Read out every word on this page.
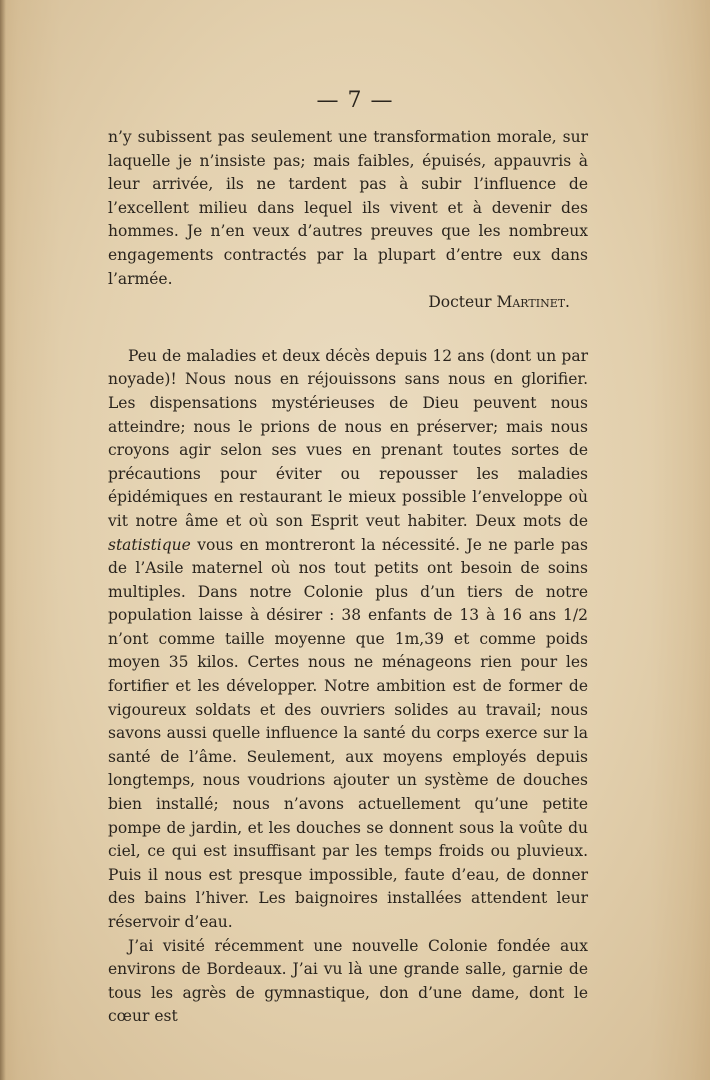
— 7 —

n’y subissent pas seulement une transformation morale, sur laquelle je n’insiste pas; mais faibles, épuisés, appauvris à leur arrivée, ils ne tardent pas à subir l’influence de l’excellent milieu dans lequel ils vivent et à devenir des hommes. Je n’en veux d’autres preuves que les nombreux engagements contractés par la plupart d’entre eux dans l’armée.

Docteur Martinet.

Peu de maladies et deux décès depuis 12 ans (dont un par noyade)! Nous nous en réjouissons sans nous en glorifier. Les dispensations mystérieuses de Dieu peuvent nous atteindre; nous le prions de nous en préserver; mais nous croyons agir selon ses vues en prenant toutes sortes de précautions pour éviter ou repousser les maladies épidémiques en restaurant le mieux possible l’enveloppe où vit notre âme et où son Esprit veut habiter. Deux mots de statistique vous en montreront la nécessité. Je ne parle pas de l’Asile maternel où nos tout petits ont besoin de soins multiples. Dans notre Colonie plus d’un tiers de notre population laisse à désirer : 38 enfants de 13 à 16 ans 1/2 n’ont comme taille moyenne que 1m,39 et comme poids moyen 35 kilos. Certes nous ne ménageons rien pour les fortifier et les développer. Notre ambition est de former de vigoureux soldats et des ouvriers solides au travail; nous savons aussi quelle influence la santé du corps exerce sur la santé de l’âme. Seulement, aux moyens employés depuis longtemps, nous voudrions ajouter un système de douches bien installé; nous n’avons actuellement qu’une petite pompe de jardin, et les douches se donnent sous la voûte du ciel, ce qui est insuffisant par les temps froids ou pluvieux. Puis il nous est presque impossible, faute d’eau, de donner des bains l’hiver. Les baignoires installées attendent leur réservoir d’eau.

J’ai visité récemment une nouvelle Colonie fondée aux environs de Bordeaux. J’ai vu là une grande salle, garnie de tous les agrès de gymnastique, don d’une dame, dont le cœur est
